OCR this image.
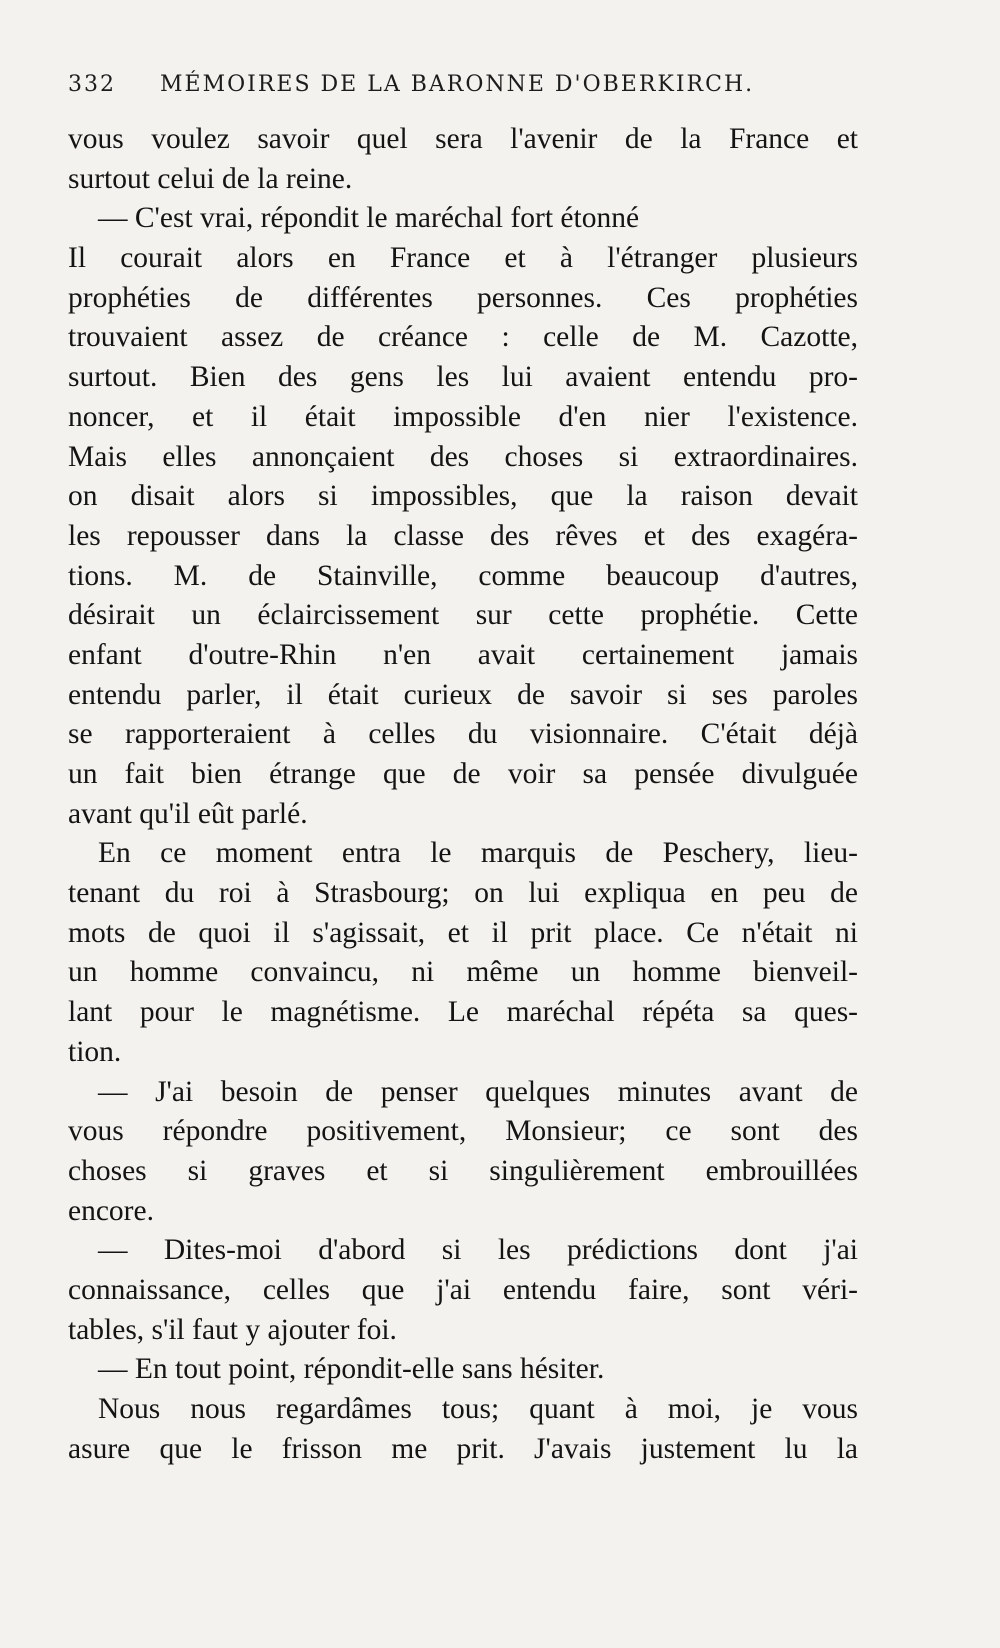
332 MÉMOIRES DE LA BARONNE D'OBERKIRCH.
vous voulez savoir quel sera l'avenir de la France et
surtout celui de la reine.
— C'est vrai, répondit le maréchal fort étonné
Il courait alors en France et à l'étranger plusieurs
prophéties de différentes personnes. Ces prophéties
trouvaient assez de créance : celle de M. Cazotte,
surtout. Bien des gens les lui avaient entendu pro-
noncer, et il était impossible d'en nier l'existence.
Mais elles annonçaient des choses si extraordinaires.
on disait alors si impossibles, que la raison devait
les repousser dans la classe des rêves et des exagéra-
tions. M. de Stainville, comme beaucoup d'autres,
désirait un éclaircissement sur cette prophétie. Cette
enfant d'outre-Rhin n'en avait certainement jamais
entendu parler, il était curieux de savoir si ses paroles
se rapporteraient à celles du visionnaire. C'était déjà
un fait bien étrange que de voir sa pensée divulguée
avant qu'il eût parlé.
En ce moment entra le marquis de Peschery, lieu-
tenant du roi à Strasbourg; on lui expliqua en peu de
mots de quoi il s'agissait, et il prit place. Ce n'était ni
un homme convaincu, ni même un homme bienveil-
lant pour le magnétisme. Le maréchal répéta sa ques-
tion.
— J'ai besoin de penser quelques minutes avant de
vous répondre positivement, Monsieur; ce sont des
choses si graves et si singulièrement embrouillées
encore.
— Dites-moi d'abord si les prédictions dont j'ai
connaissance, celles que j'ai entendu faire, sont véri-
tables, s'il faut y ajouter foi.
— En tout point, répondit-elle sans hésiter.
Nous nous regardâmes tous; quant à moi, je vous
asure que le frisson me prit. J'avais justement lu la
